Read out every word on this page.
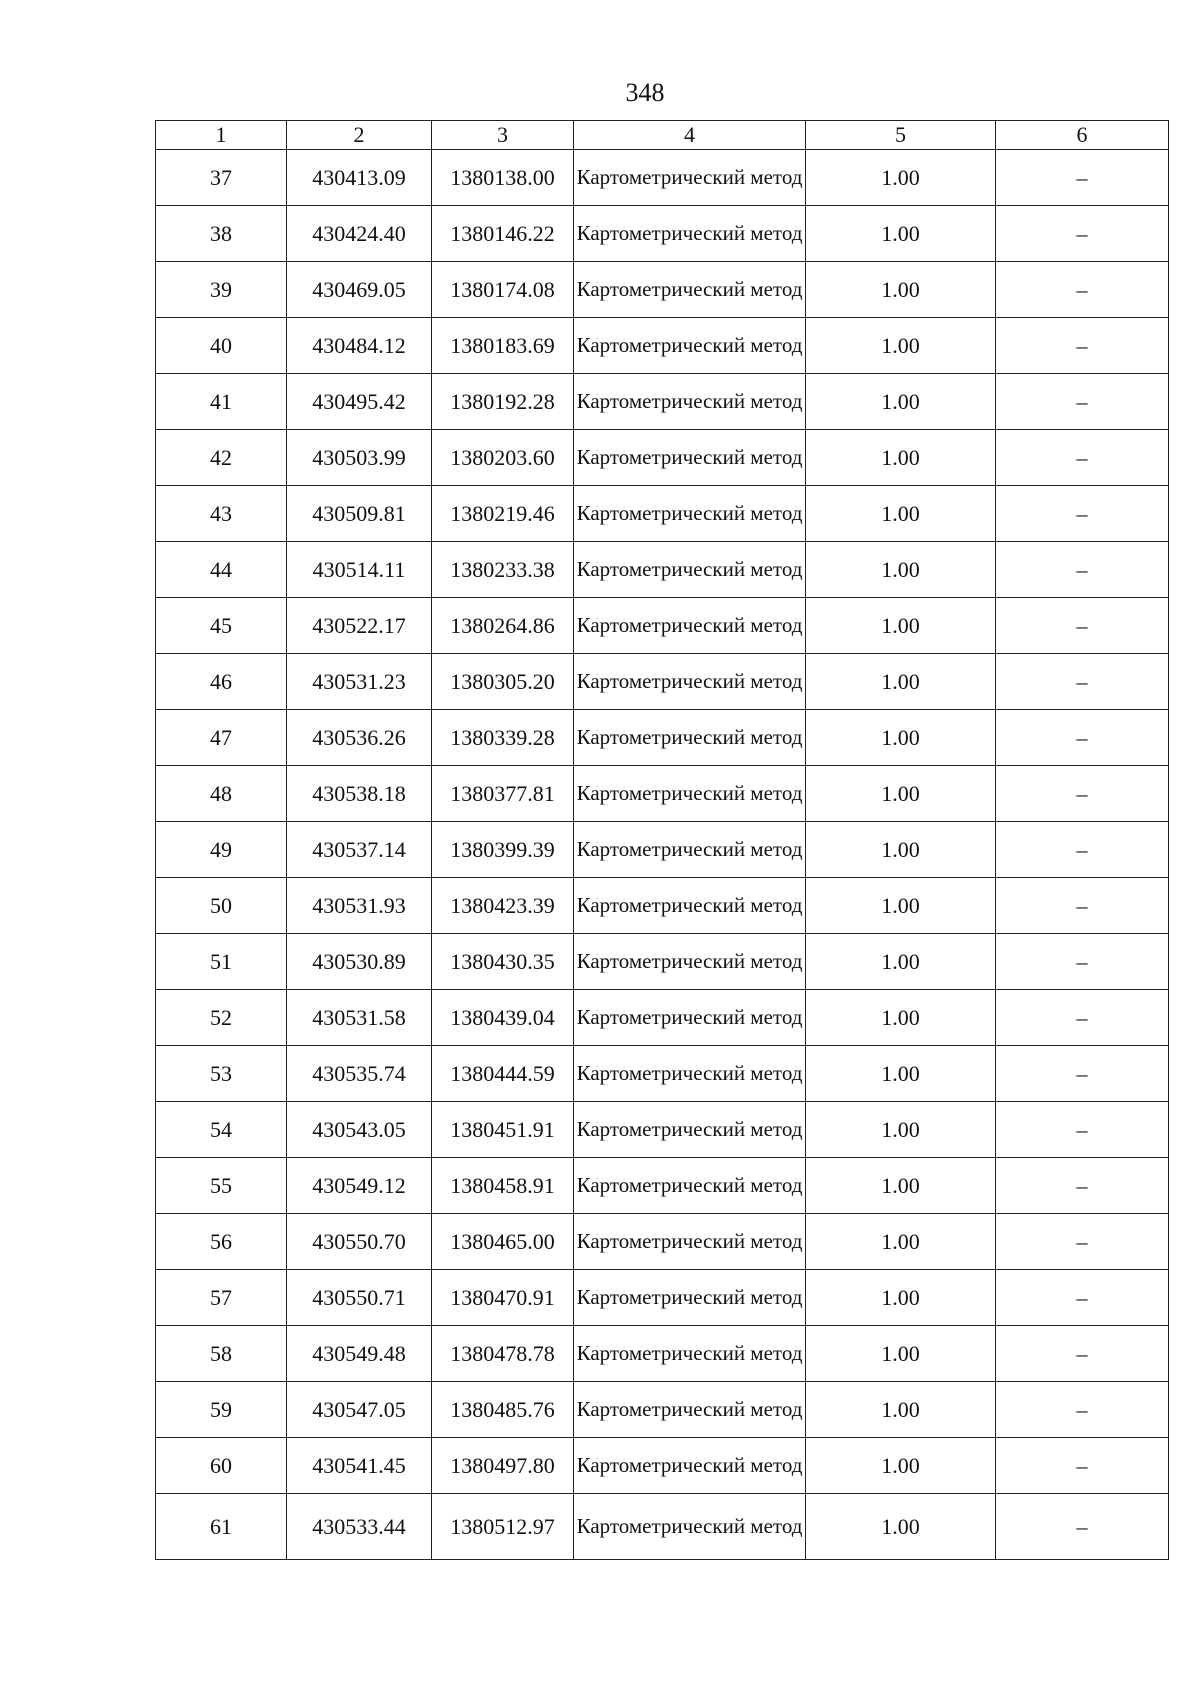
348
1	2	3	4	5	6
37	430413.09	1380138.00	Картометрический метод	1.00	–
38	430424.40	1380146.22	Картометрический метод	1.00	–
39	430469.05	1380174.08	Картометрический метод	1.00	–
40	430484.12	1380183.69	Картометрический метод	1.00	–
41	430495.42	1380192.28	Картометрический метод	1.00	–
42	430503.99	1380203.60	Картометрический метод	1.00	–
43	430509.81	1380219.46	Картометрический метод	1.00	–
44	430514.11	1380233.38	Картометрический метод	1.00	–
45	430522.17	1380264.86	Картометрический метод	1.00	–
46	430531.23	1380305.20	Картометрический метод	1.00	–
47	430536.26	1380339.28	Картометрический метод	1.00	–
48	430538.18	1380377.81	Картометрический метод	1.00	–
49	430537.14	1380399.39	Картометрический метод	1.00	–
50	430531.93	1380423.39	Картометрический метод	1.00	–
51	430530.89	1380430.35	Картометрический метод	1.00	–
52	430531.58	1380439.04	Картометрический метод	1.00	–
53	430535.74	1380444.59	Картометрический метод	1.00	–
54	430543.05	1380451.91	Картометрический метод	1.00	–
55	430549.12	1380458.91	Картометрический метод	1.00	–
56	430550.70	1380465.00	Картометрический метод	1.00	–
57	430550.71	1380470.91	Картометрический метод	1.00	–
58	430549.48	1380478.78	Картометрический метод	1.00	–
59	430547.05	1380485.76	Картометрический метод	1.00	–
60	430541.45	1380497.80	Картометрический метод	1.00	–
61	430533.44	1380512.97	Картометрический метод	1.00	–
